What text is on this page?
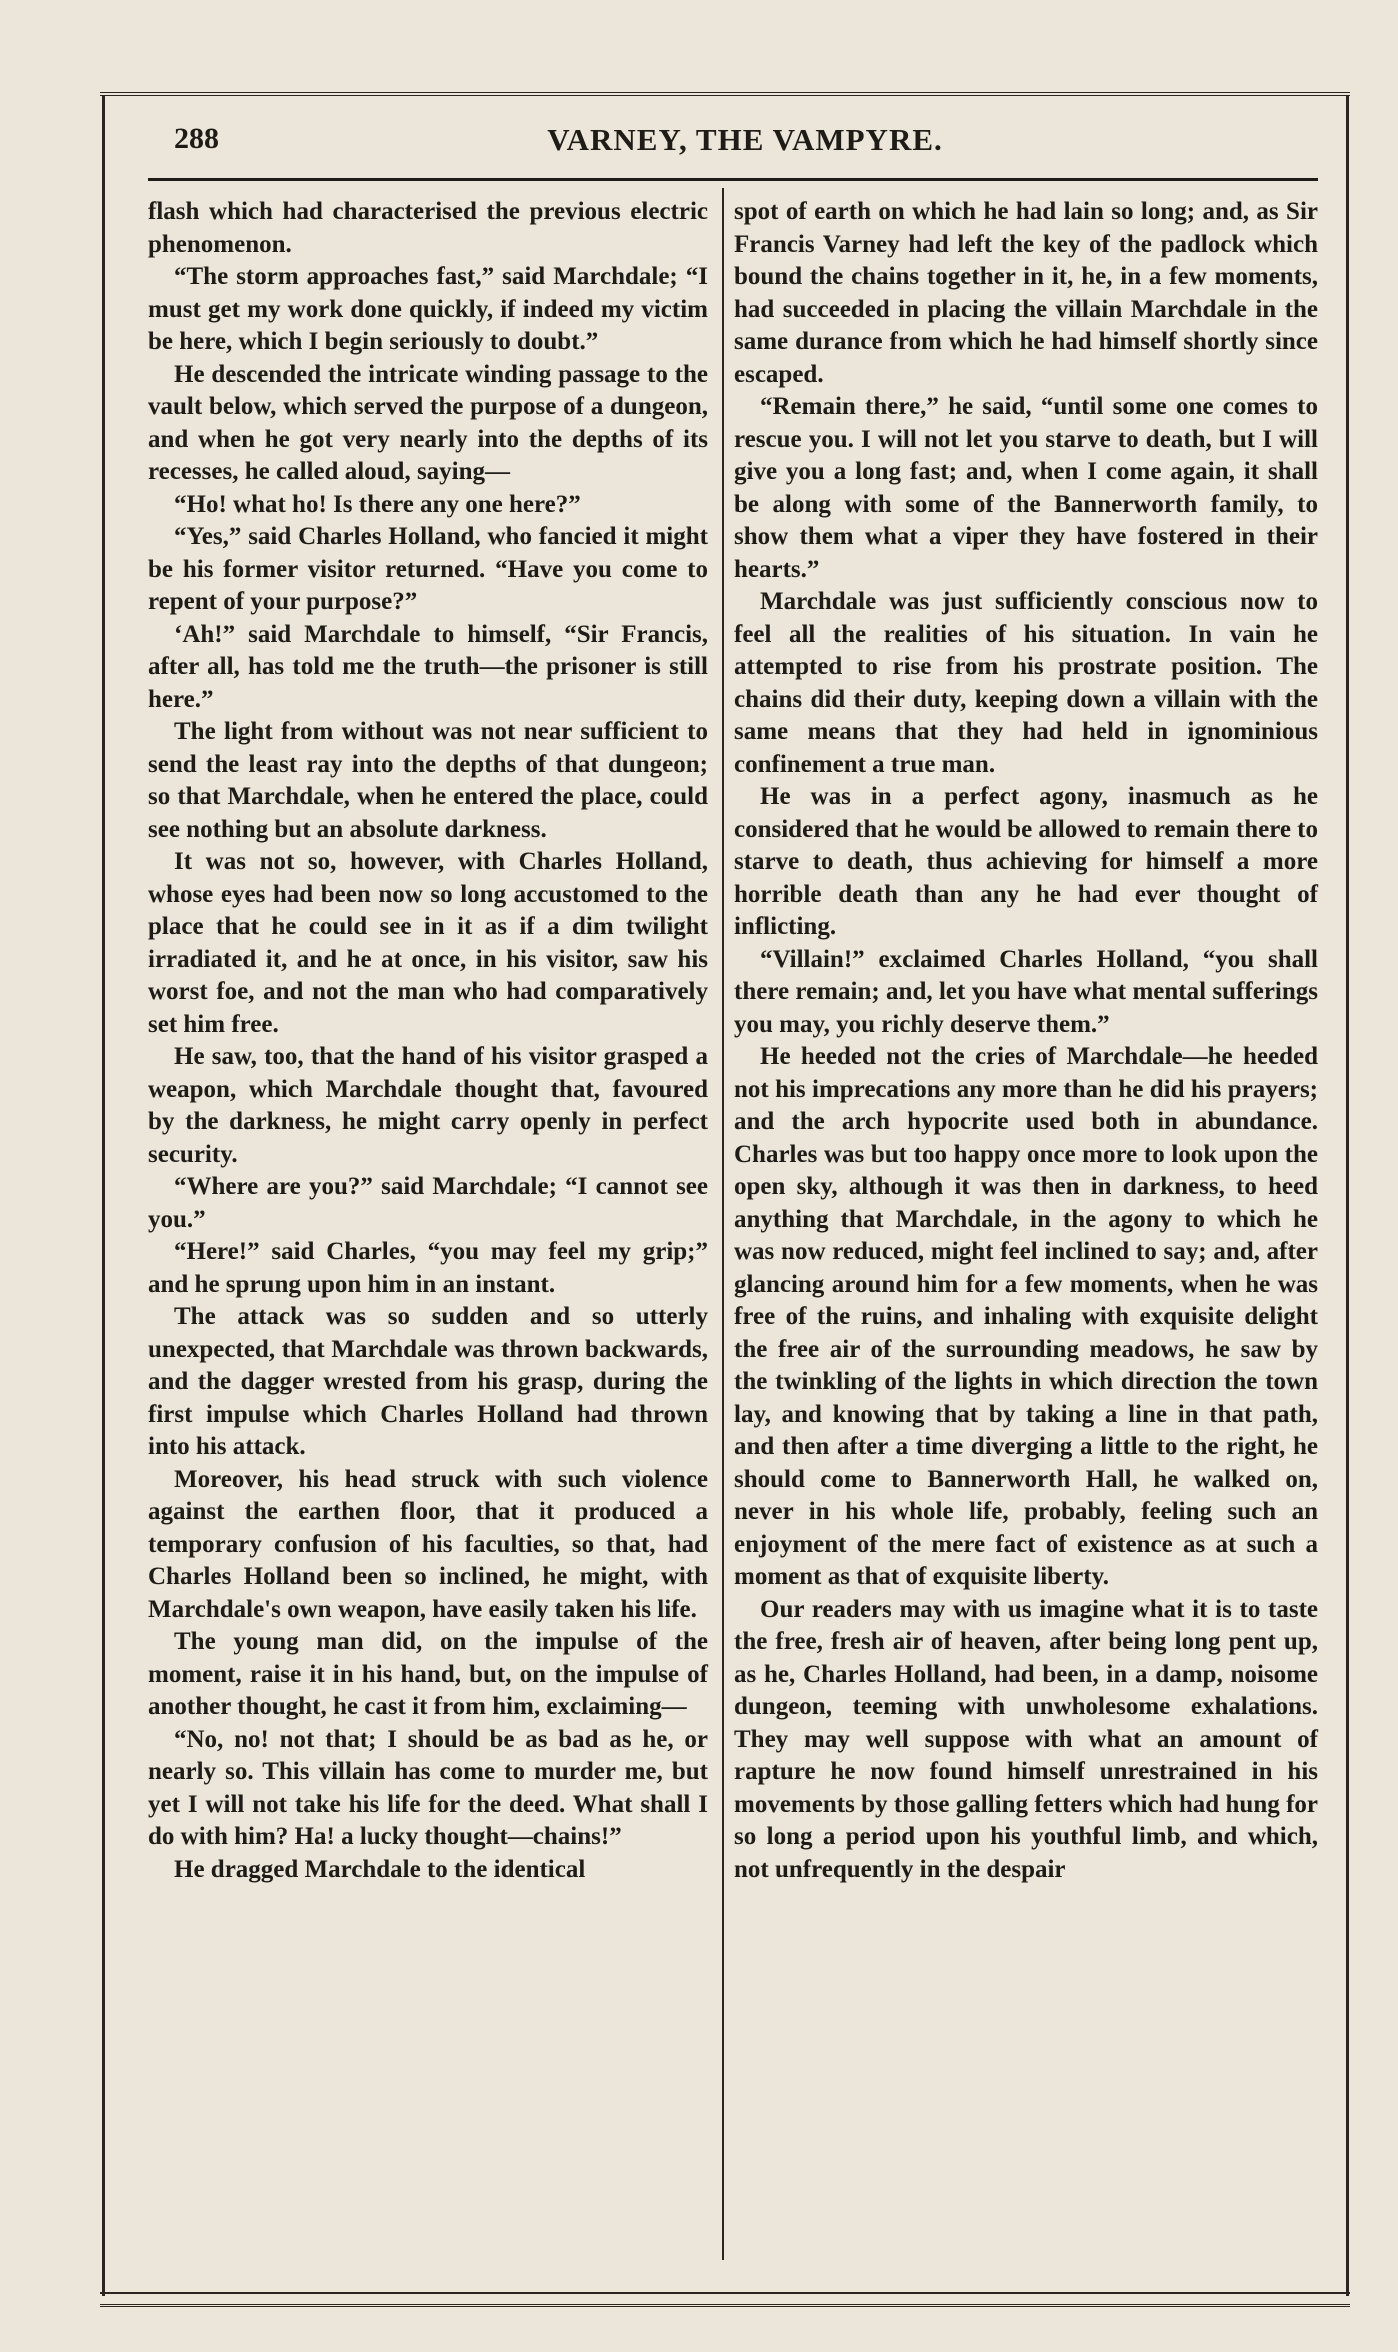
288	VARNEY, THE VAMPYRE.

flash which had characterised the previous electric phenomenon.

“The storm approaches fast,” said Marchdale; “I must get my work done quickly, if indeed my victim be here, which I begin seriously to doubt.”

He descended the intricate winding passage to the vault below, which served the purpose of a dungeon, and when he got very nearly into the depths of its recesses, he called aloud, saying—

“Ho! what ho! Is there any one here?”

“Yes,” said Charles Holland, who fancied it might be his former visitor returned. “Have you come to repent of your purpose?”

‘Ah!” said Marchdale to himself, “Sir Francis, after all, has told me the truth—the prisoner is still here.”

The light from without was not near sufficient to send the least ray into the depths of that dungeon; so that Marchdale, when he entered the place, could see nothing but an absolute darkness.

It was not so, however, with Charles Holland, whose eyes had been now so long accustomed to the place that he could see in it as if a dim twilight irradiated it, and he at once, in his visitor, saw his worst foe, and not the man who had comparatively set him free.

He saw, too, that the hand of his visitor grasped a weapon, which Marchdale thought that, favoured by the darkness, he might carry openly in perfect security.

“Where are you?” said Marchdale; “I cannot see you.”

“Here!” said Charles, “you may feel my grip;” and he sprung upon him in an instant.

The attack was so sudden and so utterly unexpected, that Marchdale was thrown backwards, and the dagger wrested from his grasp, during the first impulse which Charles Holland had thrown into his attack.

Moreover, his head struck with such violence against the earthen floor, that it produced a temporary confusion of his faculties, so that, had Charles Holland been so inclined, he might, with Marchdale's own weapon, have easily taken his life.

The young man did, on the impulse of the moment, raise it in his hand, but, on the impulse of another thought, he cast it from him, exclaiming—

“No, no! not that; I should be as bad as he, or nearly so. This villain has come to murder me, but yet I will not take his life for the deed. What shall I do with him? Ha! a lucky thought—chains!”

He dragged Marchdale to the identical

spot of earth on which he had lain so long; and, as Sir Francis Varney had left the key of the padlock which bound the chains together in it, he, in a few moments, had succeeded in placing the villain Marchdale in the same durance from which he had himself shortly since escaped.

“Remain there,” he said, “until some one comes to rescue you. I will not let you starve to death, but I will give you a long fast; and, when I come again, it shall be along with some of the Bannerworth family, to show them what a viper they have fostered in their hearts.”

Marchdale was just sufficiently conscious now to feel all the realities of his situation. In vain he attempted to rise from his prostrate position. The chains did their duty, keeping down a villain with the same means that they had held in ignominious confinement a true man.

He was in a perfect agony, inasmuch as he considered that he would be allowed to remain there to starve to death, thus achieving for himself a more horrible death than any he had ever thought of inflicting.

“Villain!” exclaimed Charles Holland, “you shall there remain; and, let you have what mental sufferings you may, you richly deserve them.”

He heeded not the cries of Marchdale—he heeded not his imprecations any more than he did his prayers; and the arch hypocrite used both in abundance. Charles was but too happy once more to look upon the open sky, although it was then in darkness, to heed anything that Marchdale, in the agony to which he was now reduced, might feel inclined to say; and, after glancing around him for a few moments, when he was free of the ruins, and inhaling with exquisite delight the free air of the surrounding meadows, he saw by the twinkling of the lights in which direction the town lay, and knowing that by taking a line in that path, and then after a time diverging a little to the right, he should come to Bannerworth Hall, he walked on, never in his whole life, probably, feeling such an enjoyment of the mere fact of existence as at such a moment as that of exquisite liberty.

Our readers may with us imagine what it is to taste the free, fresh air of heaven, after being long pent up, as he, Charles Holland, had been, in a damp, noisome dungeon, teeming with unwholesome exhalations. They may well suppose with what an amount of rapture he now found himself unrestrained in his movements by those galling fetters which had hung for so long a period upon his youthful limb, and which, not unfrequently in the despair
